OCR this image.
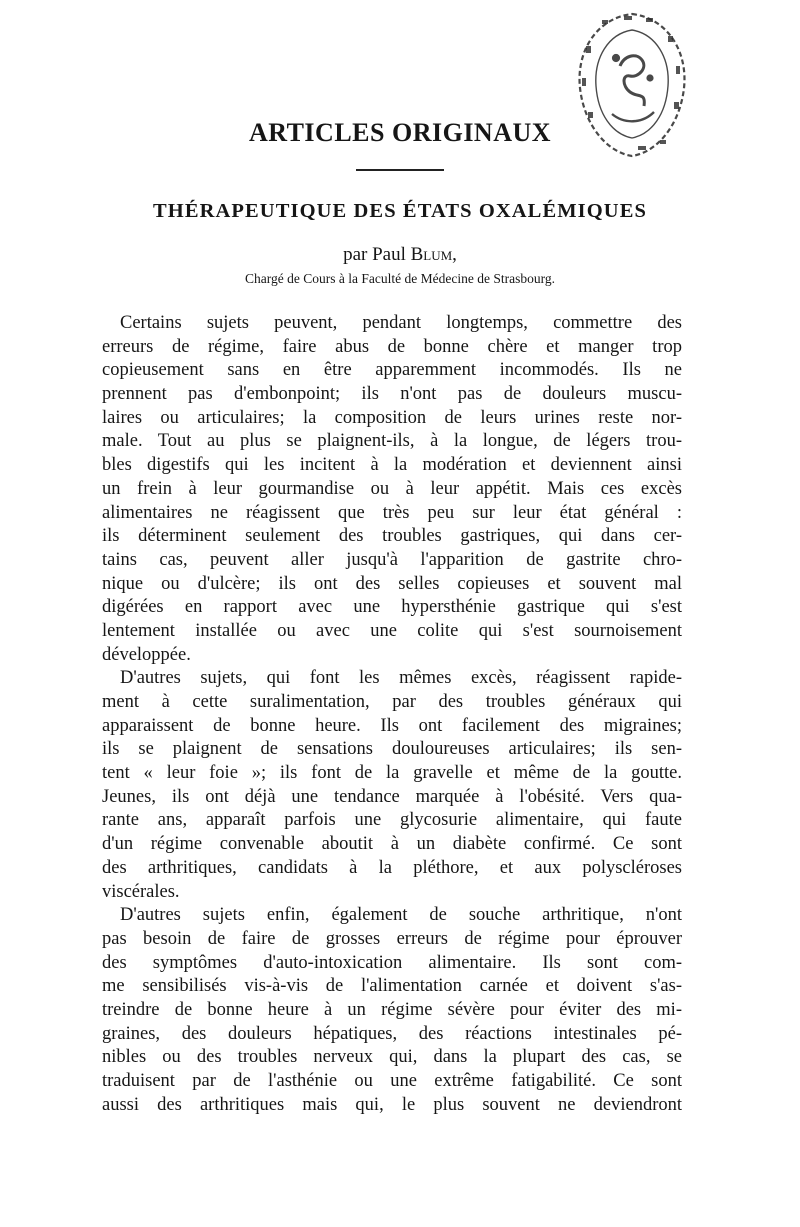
ARTICLES ORIGINAUX
THÉRAPEUTIQUE DES ÉTATS OXALÉMIQUES
par Paul Blum,
Chargé de Cours à la Faculté de Médecine de Strasbourg.
Certains sujets peuvent, pendant longtemps, commettre des
erreurs de régime, faire abus de bonne chère et manger trop
copieusement sans en être apparemment incommodés. Ils ne
prennent pas d'embonpoint; ils n'ont pas de douleurs muscu-
laires ou articulaires; la composition de leurs urines reste nor-
male. Tout au plus se plaignent-ils, à la longue, de légers trou-
bles digestifs qui les incitent à la modération et deviennent ainsi
un frein à leur gourmandise ou à leur appétit. Mais ces excès
alimentaires ne réagissent que très peu sur leur état général :
ils déterminent seulement des troubles gastriques, qui dans cer-
tains cas, peuvent aller jusqu'à l'apparition de gastrite chro-
nique ou d'ulcère; ils ont des selles copieuses et souvent mal
digérées en rapport avec une hypersthénie gastrique qui s'est
lentement installée ou avec une colite qui s'est sournoisement
développée.
D'autres sujets, qui font les mêmes excès, réagissent rapide-
ment à cette suralimentation, par des troubles généraux qui
apparaissent de bonne heure. Ils ont facilement des migraines;
ils se plaignent de sensations douloureuses articulaires; ils sen-
tent « leur foie »; ils font de la gravelle et même de la goutte.
Jeunes, ils ont déjà une tendance marquée à l'obésité. Vers qua-
rante ans, apparaît parfois une glycosurie alimentaire, qui faute
d'un régime convenable aboutit à un diabète confirmé. Ce sont
des arthritiques, candidats à la pléthore, et aux polyscléroses
viscérales.
D'autres sujets enfin, également de souche arthritique, n'ont
pas besoin de faire de grosses erreurs de régime pour éprouver
des symptômes d'auto-intoxication alimentaire. Ils sont com-
me sensibilisés vis-à-vis de l'alimentation carnée et doivent s'as-
treindre de bonne heure à un régime sévère pour éviter des mi-
graines, des douleurs hépatiques, des réactions intestinales pé-
nibles ou des troubles nerveux qui, dans la plupart des cas, se
traduisent par de l'asthénie ou une extrême fatigabilité. Ce sont
aussi des arthritiques mais qui, le plus souvent ne deviendront
